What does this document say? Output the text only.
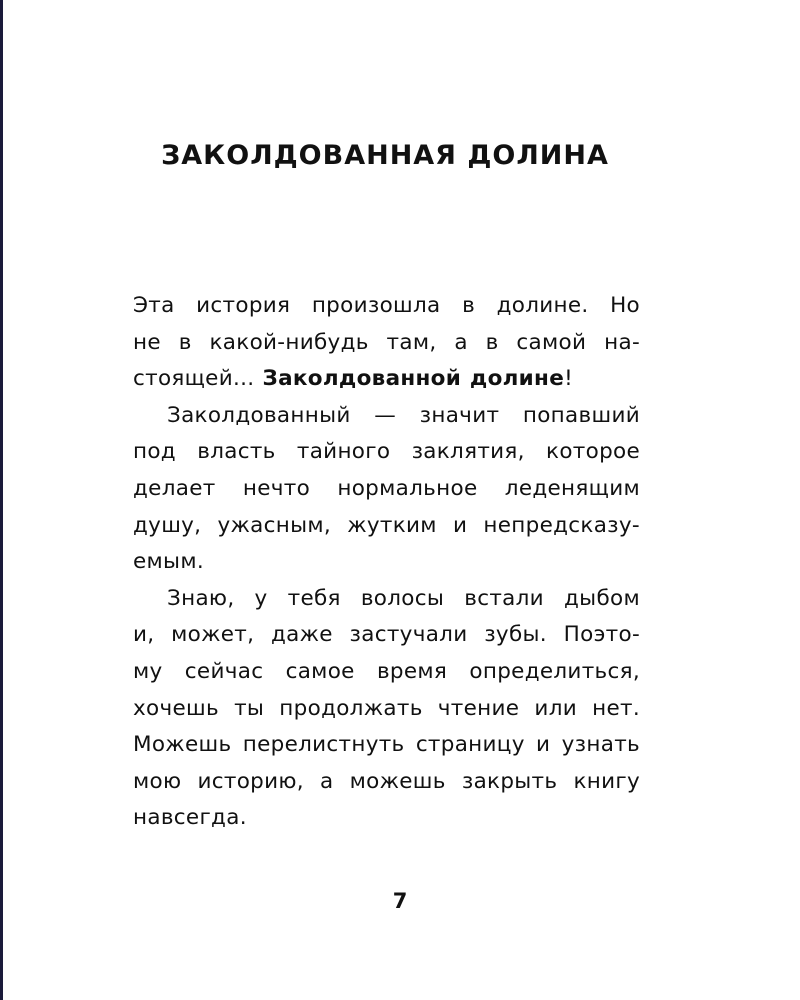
ЗАКОЛДОВАННАЯ ДОЛИНА
Эта история произошла в долине. Но
не в какой-нибудь там, а в самой на-
стоящей... Заколдованной долине!
Заколдованный — значит попавший
под власть тайного заклятия, которое
делает нечто нормальное леденящим
душу, ужасным, жутким и непредсказу-
емым.
Знаю, у тебя волосы встали дыбом
и, может, даже застучали зубы. Поэто-
му сейчас самое время определиться,
хочешь ты продолжать чтение или нет.
Можешь перелистнуть страницу и узнать
мою историю, а можешь закрыть книгу
навсегда.
7
